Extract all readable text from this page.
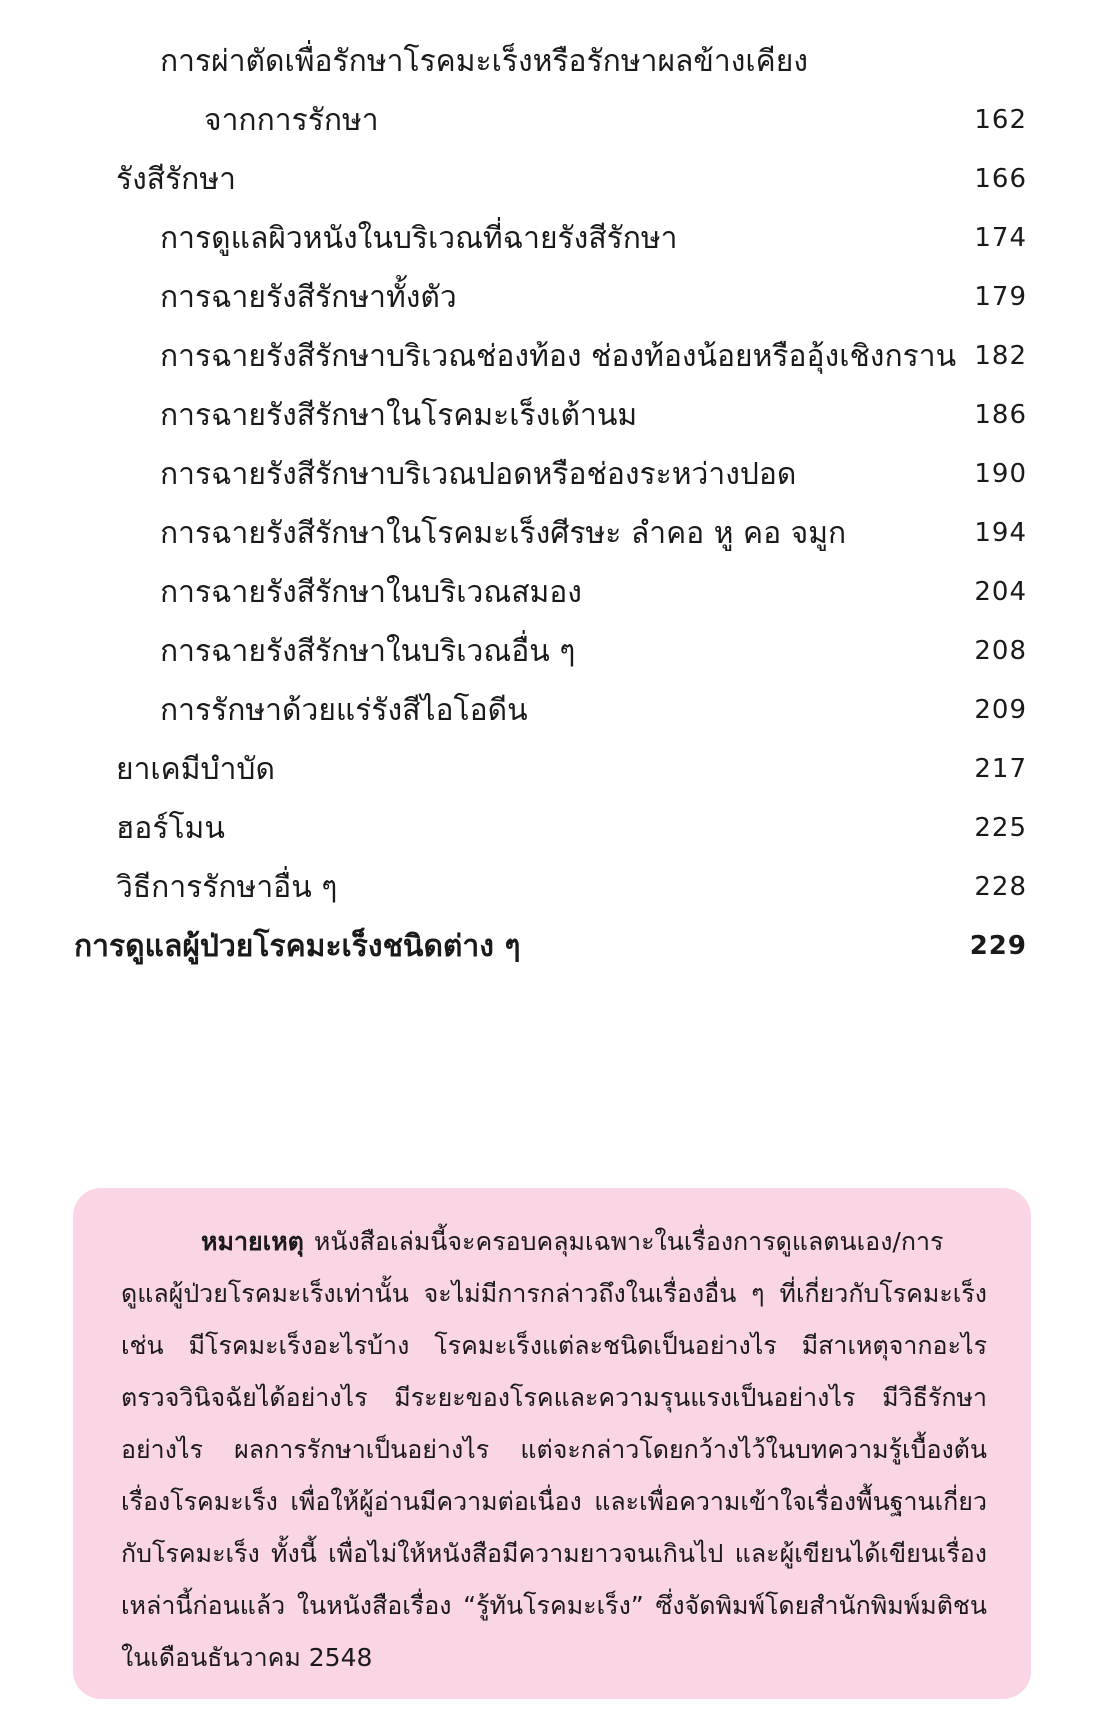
การผ่าตัดเพื่อรักษาโรคมะเร็งหรือรักษาผลข้างเคียง
จากการรักษา	162
รังสีรักษา	166
การดูแลผิวหนังในบริเวณที่ฉายรังสีรักษา	174
การฉายรังสีรักษาทั้งตัว	179
การฉายรังสีรักษาบริเวณช่องท้อง ช่องท้องน้อยหรืออุ้งเชิงกราน 182
การฉายรังสีรักษาในโรคมะเร็งเต้านม	186
การฉายรังสีรักษาบริเวณปอดหรือช่องระหว่างปอด	190
การฉายรังสีรักษาในโรคมะเร็งศีรษะ ลำคอ หู คอ จมูก	194
การฉายรังสีรักษาในบริเวณสมอง	204
การฉายรังสีรักษาในบริเวณอื่น ๆ	208
การรักษาด้วยแร่รังสีไอโอดีน	209
ยาเคมีบำบัด	217
ฮอร์โมน	225
วิธีการรักษาอื่น ๆ	228
การดูแลผู้ป่วยโรคมะเร็งชนิดต่าง ๆ	229
หมายเหตุ หนังสือเล่มนี้จะครอบคลุมเฉพาะในเรื่องการดูแลตนเอง/การดูแลผู้ป่วยโรคมะเร็งเท่านั้น จะไม่มีการกล่าวถึงในเรื่องอื่น ๆ ที่เกี่ยวกับโรคมะเร็ง เช่น มีโรคมะเร็งอะไรบ้าง โรคมะเร็งแต่ละชนิดเป็นอย่างไร มีสาเหตุจากอะไร ตรวจวินิจฉัยได้อย่างไร มีระยะของโรคและความรุนแรงเป็นอย่างไร มีวิธีรักษาอย่างไร ผลการรักษาเป็นอย่างไร แต่จะกล่าวโดยกว้างไว้ในบทความรู้เบื้องต้นเรื่องโรคมะเร็ง เพื่อให้ผู้อ่านมีความต่อเนื่อง และเพื่อความเข้าใจเรื่องพื้นฐานเกี่ยวกับโรคมะเร็ง ทั้งนี้ เพื่อไม่ให้หนังสือมีความยาวจนเกินไป และผู้เขียนได้เขียนเรื่องเหล่านี้ก่อนแล้ว ในหนังสือเรื่อง “รู้ทันโรคมะเร็ง” ซึ่งจัดพิมพ์โดยสำนักพิมพ์มติชน ในเดือนธันวาคม 2548
